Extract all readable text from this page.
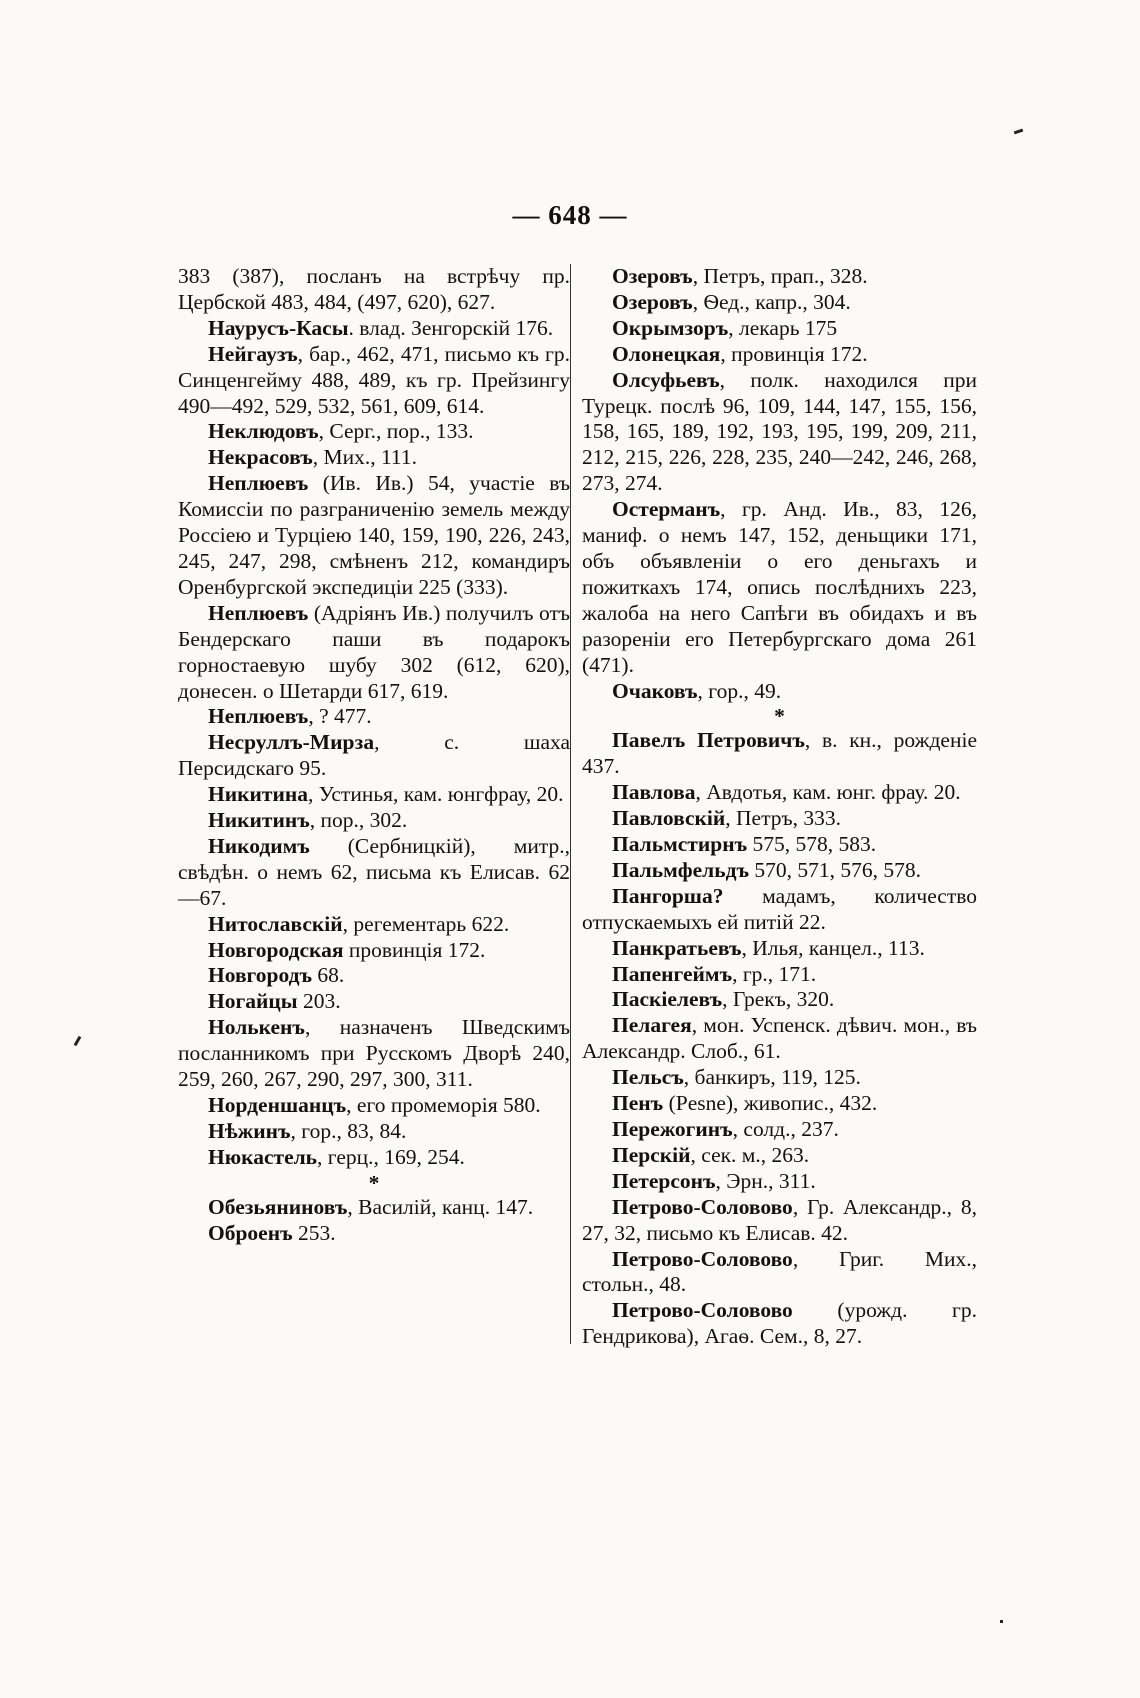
— 648 —

383 (387), посланъ на встрѣчу пр. Цербской 483, 484, (497, 620), 627.

Наурусъ-Касы. влад. Зенгорскій 176.

Нейгаузъ, бар., 462, 471, письмо къ гр. Синценгейму 488, 489, къ гр. Прейзингу 490—492, 529, 532, 561, 609, 614.

Неклюдовъ, Серг., пор., 133.

Некрасовъ, Мих., 111.

Неплюевъ (Ив. Ив.) 54, участіе въ Комиссіи по разграниченію земель между Россіею и Турціею 140, 159, 190, 226, 243, 245, 247, 298, смѣненъ 212, командиръ Оренбургской экспедиціи 225 (333).

Неплюевъ (Адріянъ Ив.) получилъ отъ Бендерскаго паши въ подарокъ горностаевую шубу 302 (612, 620), донесен. о Шетарди 617, 619.

Неплюевъ, ? 477.

Несруллъ-Мирза, с. шаха Персидскаго 95.

Никитина, Устинья, кам. юнгфрау, 20.

Никитинъ, пор., 302.

Никодимъ (Сербницкій), митр., свѣдѣн. о немъ 62, письма къ Елисав. 62—67.

Нитославскій, регементарь 622.

Новгородская провинція 172.

Новгородъ 68.

Ногайцы 203.

Нолькенъ, назначенъ Шведскимъ посланникомъ при Русскомъ Дворѣ 240, 259, 260, 267, 290, 297, 300, 311.

Норденшанцъ, его промеморія 580.

Нѣжинъ, гор., 83, 84.

Нюкастель, герц., 169, 254.

*

Обезьяниновъ, Василій, канц. 147.

Оброенъ 253.

Озеровъ, Петръ, прап., 328.

Озеровъ, Ѳед., капр., 304.

Окрымзоръ, лекарь 175

Олонецкая, провинція 172.

Олсуфьевъ, полк. находился при Турецк. послѣ 96, 109, 144, 147, 155, 156, 158, 165, 189, 192, 193, 195, 199, 209, 211, 212, 215, 226, 228, 235, 240—242, 246, 268, 273, 274.

Остерманъ, гр. Анд. Ив., 83, 126, маниф. о немъ 147, 152, деньщики 171, объ объявленіи о его деньгахъ и пожиткахъ 174, опись послѣднихъ 223, жалоба на него Сапѣги въ обидахъ и въ разореніи его Петербургскаго дома 261 (471).

Очаковъ, гор., 49.

*

Павелъ Петровичъ, в. кн., рожденіе 437.

Павлова, Авдотья, кам. юнг. фрау. 20.

Павловскій, Петръ, 333.

Пальмстирнъ 575, 578, 583.

Пальмфельдъ 570, 571, 576, 578.

Пангорша? мадамъ, количество отпускаемыхъ ей питій 22.

Панкратьевъ, Илья, канцел., 113.

Папенгеймъ, гр., 171.

Паскіелевъ, Грекъ, 320.

Пелагея, мон. Успенск. дѣвич. мон., въ Александр. Слоб., 61.

Пельсъ, банкиръ, 119, 125.

Пенъ (Pesne), живопис., 432.

Пережогинъ, солд., 237.

Перскій, сек. м., 263.

Петерсонъ, Эрн., 311.

Петрово-Соловово, Гр. Александр., 8, 27, 32, письмо къ Елисав. 42.

Петрово-Соловово, Григ. Мих., стольн., 48.

Петрово-Соловово (урожд. гр. Гендрикова), Агаѳ. Сем., 8, 27.
